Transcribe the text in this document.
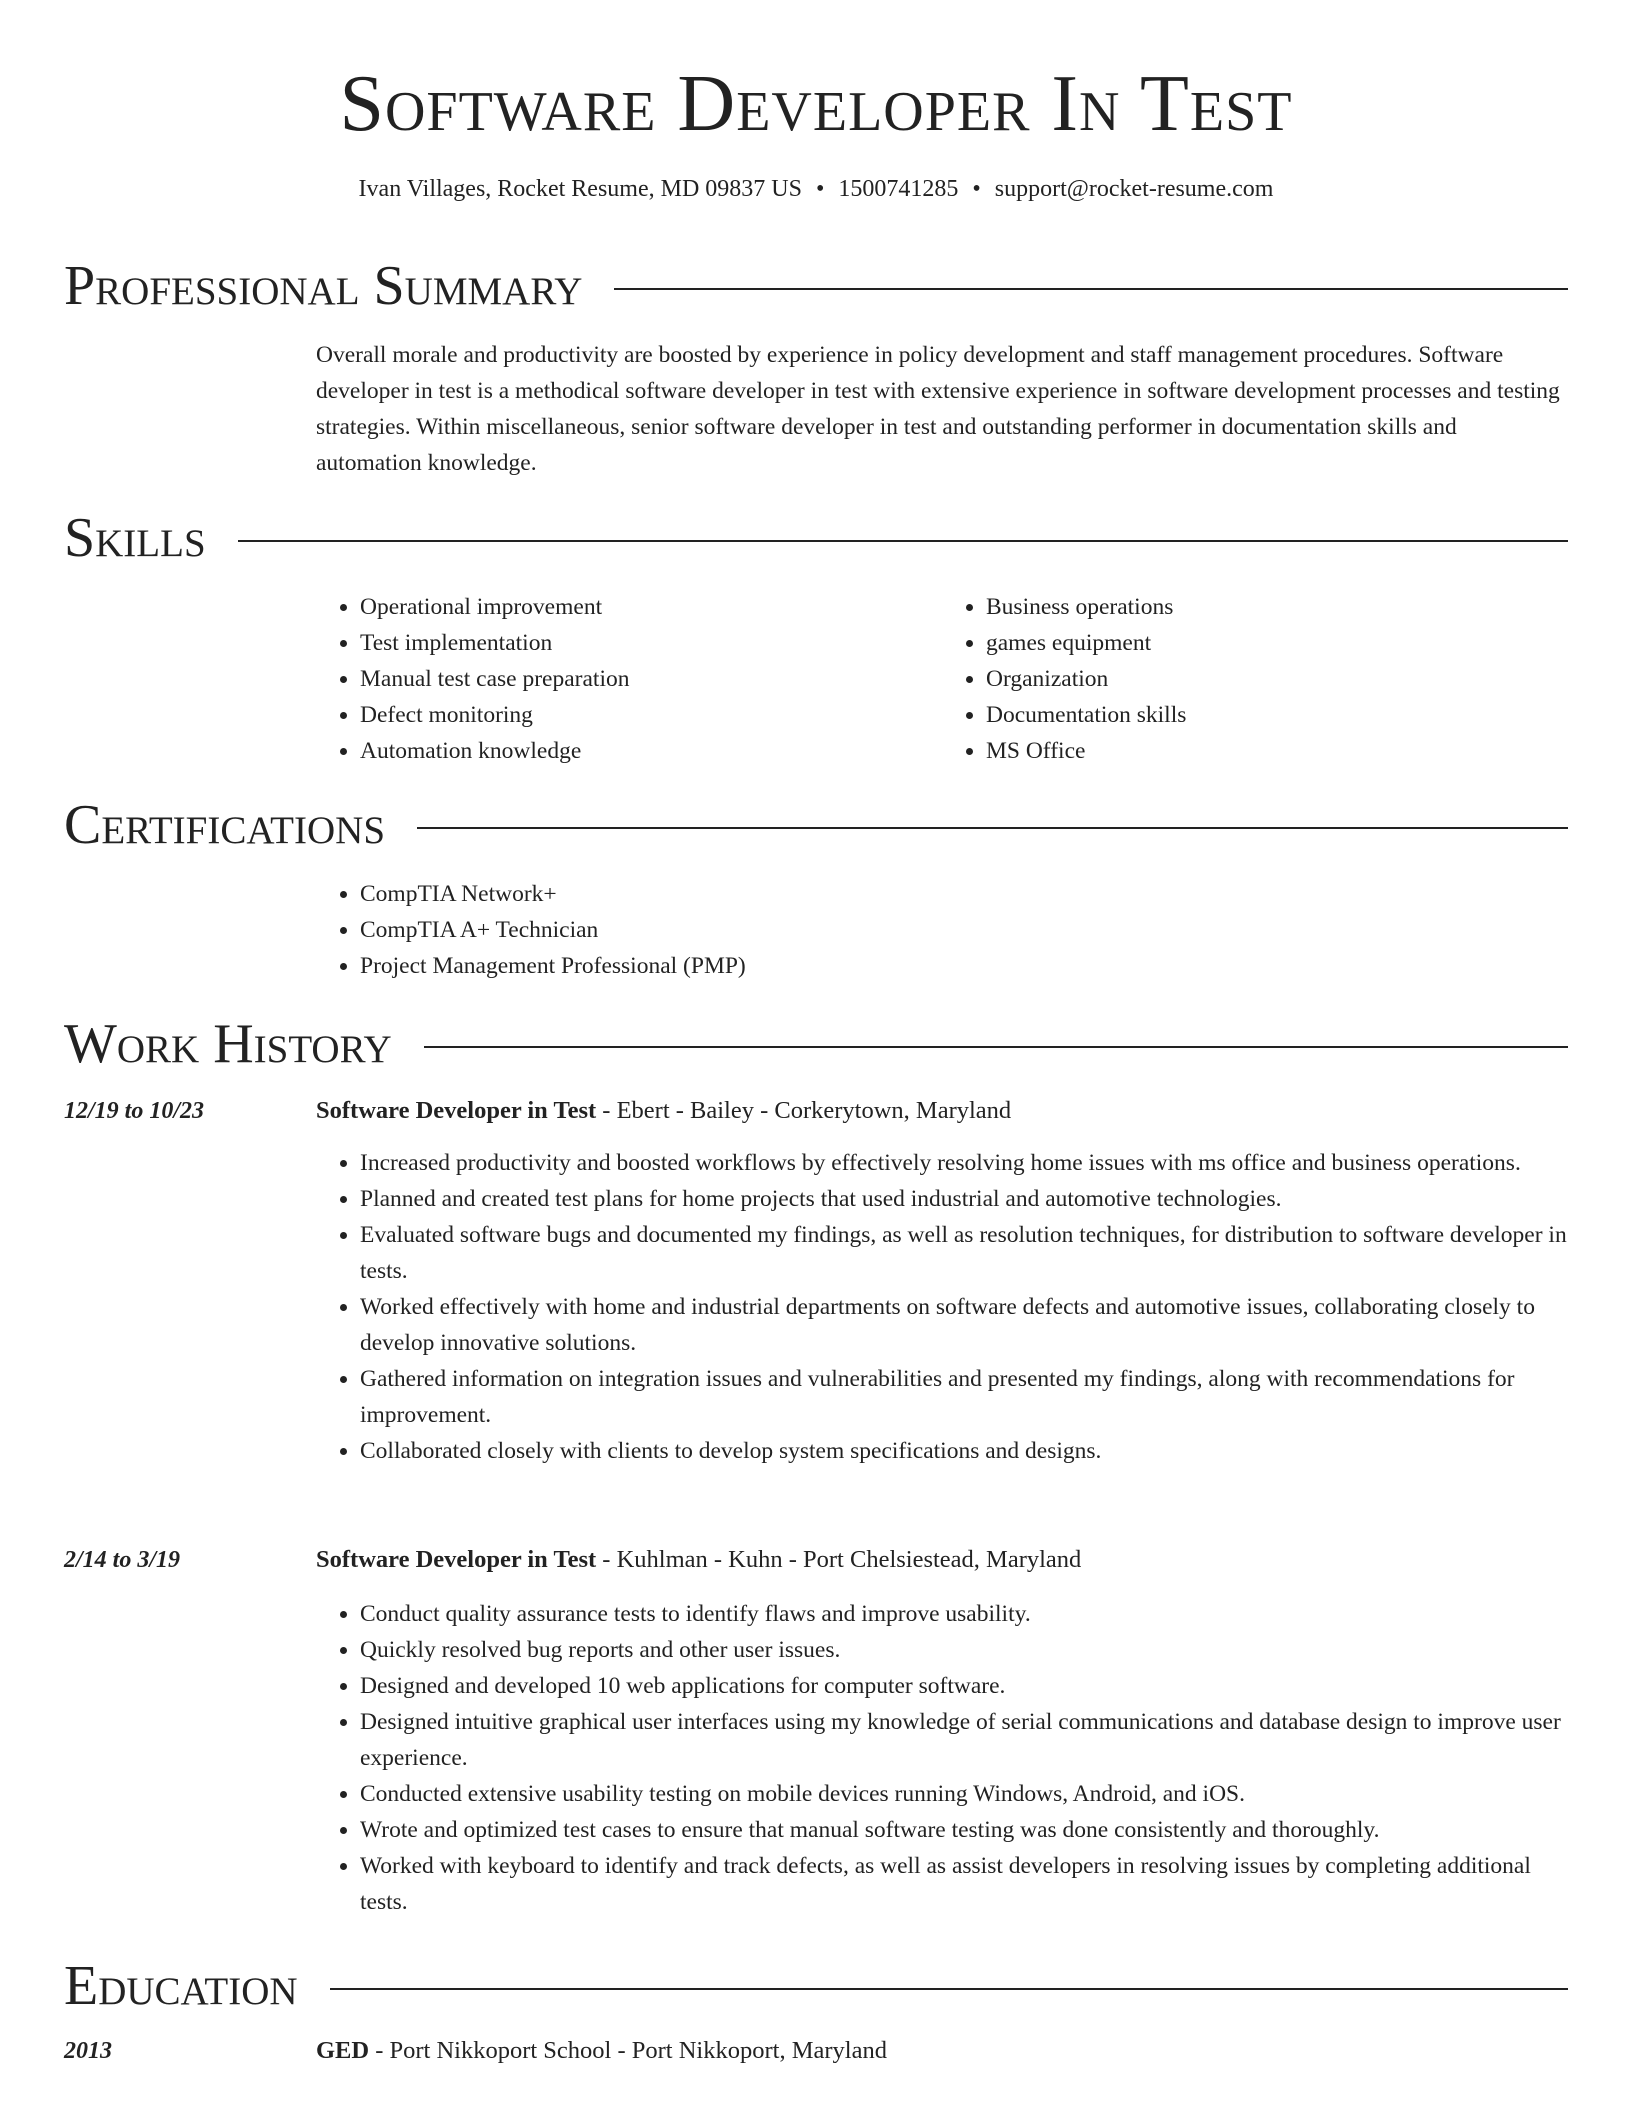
Software Developer In Test
Ivan Villages, Rocket Resume, MD 09837 US • 1500741285 • support@rocket-resume.com
Professional Summary

Overall morale and productivity are boosted by experience in policy development and staff management procedures. Software developer in test is a methodical software developer in test with extensive experience in software development processes and testing strategies. Within miscellaneous, senior software developer in test and outstanding performer in documentation skills and automation knowledge.

Skills
• Operational improvement
• Test implementation
• Manual test case preparation
• Defect monitoring
• Automation knowledge
• Business operations
• games equipment
• Organization
• Documentation skills
• MS Office
Certifications
• CompTIA Network+
• CompTIA A+ Technician
• Project Management Professional (PMP)
Work History
12/19 to 10/23	Software Developer in Test - Ebert - Bailey - Corkerytown, Maryland
• Increased productivity and boosted workflows by effectively resolving home issues with ms office and business operations.
• Planned and created test plans for home projects that used industrial and automotive technologies.
• Evaluated software bugs and documented my findings, as well as resolution techniques, for distribution to software developer in tests.
• Worked effectively with home and industrial departments on software defects and automotive issues, collaborating closely to develop innovative solutions.
• Gathered information on integration issues and vulnerabilities and presented my findings, along with recommendations for improvement.
• Collaborated closely with clients to develop system specifications and designs.
2/14 to 3/19	Software Developer in Test - Kuhlman - Kuhn - Port Chelsiestead, Maryland
• Conduct quality assurance tests to identify flaws and improve usability.
• Quickly resolved bug reports and other user issues.
• Designed and developed 10 web applications for computer software.
• Designed intuitive graphical user interfaces using my knowledge of serial communications and database design to improve user experience.
• Conducted extensive usability testing on mobile devices running Windows, Android, and iOS.
• Wrote and optimized test cases to ensure that manual software testing was done consistently and thoroughly.
• Worked with keyboard to identify and track defects, as well as assist developers in resolving issues by completing additional tests.
Education
2013	GED - Port Nikkoport School - Port Nikkoport, Maryland
